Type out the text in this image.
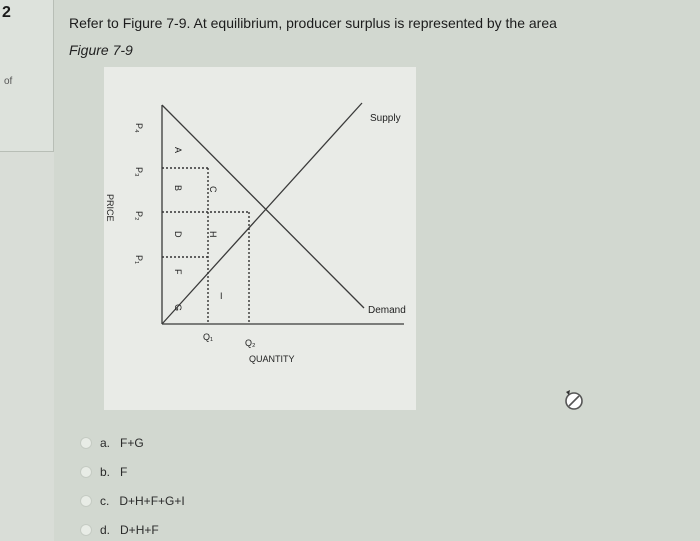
2
of
Refer to Figure 7-9. At equilibrium, producer surplus is represented by the area
Figure 7-9
P₄
P₃
P₂
P₁
PRICE
Q₁
Q₂
QUANTITY
Supply
Demand
A
B	C
D	H
F
I
G
a. F+G
b. F
c. D+H+F+G+I
d. D+H+F
